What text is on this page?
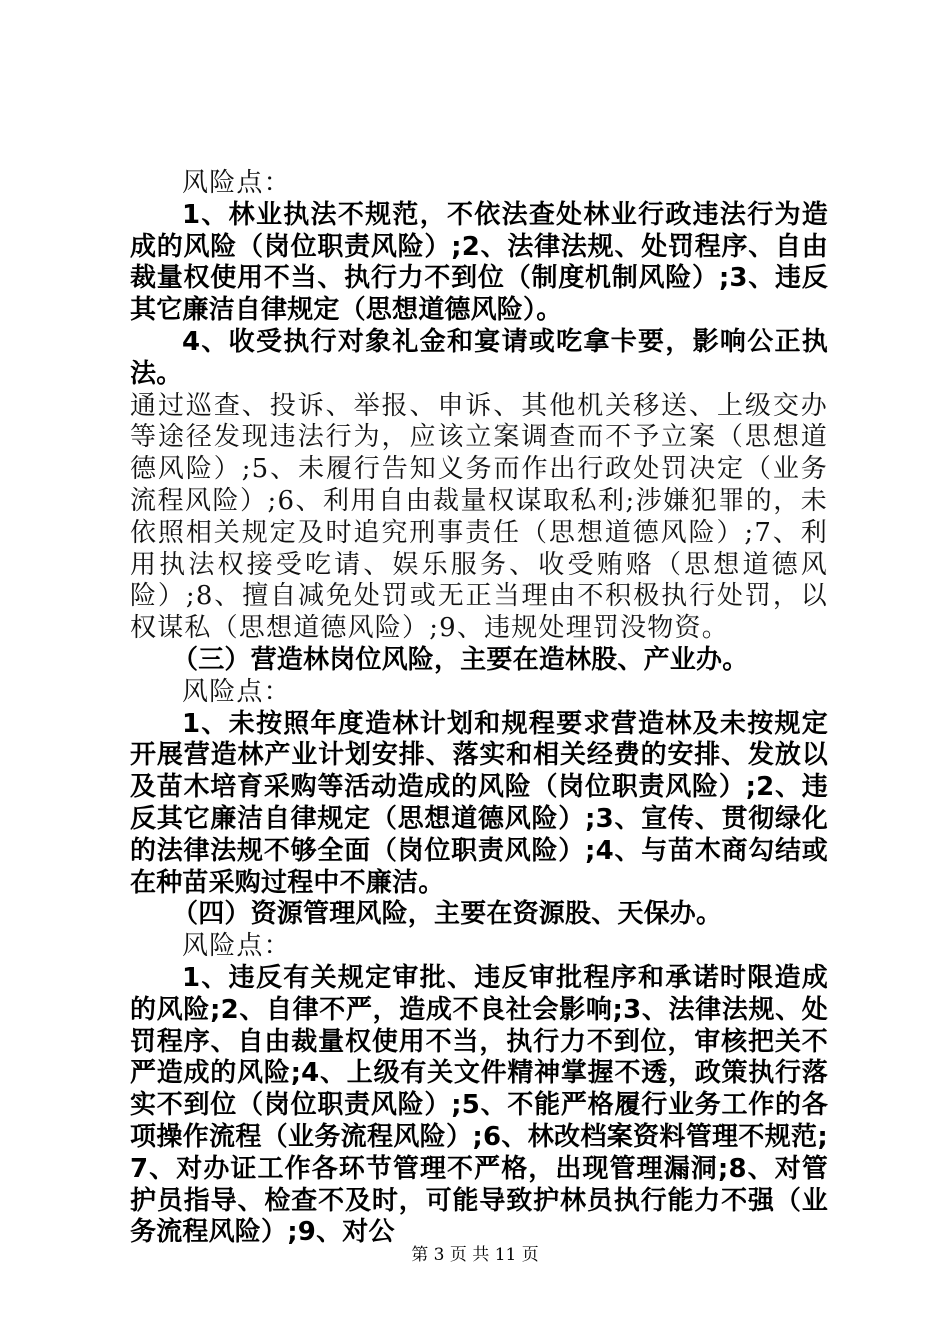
风险点：

1、林业执法不规范，不依法查处林业行政违法行为造成的风险（岗位职责风险）;2、法律法规、处罚程序、自由裁量权使用不当、执行力不到位（制度机制风险）;3、违反其它廉洁自律规定（思想道德风险）。

4、收受执行对象礼金和宴请或吃拿卡要，影响公正执法。

通过巡查、投诉、举报、申诉、其他机关移送、上级交办等途径发现违法行为，应该立案调查而不予立案（思想道德风险）;5、未履行告知义务而作出行政处罚决定（业务流程风险）;6、利用自由裁量权谋取私利;涉嫌犯罪的，未依照相关规定及时追究刑事责任（思想道德风险）;7、利用执法权接受吃请、娱乐服务、收受贿赂（思想道德风险）;8、擅自减免处罚或无正当理由不积极执行处罚，以权谋私（思想道德风险）;9、违规处理罚没物资。

（三）营造林岗位风险，主要在造林股、产业办。

风险点：

1、未按照年度造林计划和规程要求营造林及未按规定开展营造林产业计划安排、落实和相关经费的安排、发放以及苗木培育采购等活动造成的风险（岗位职责风险）;2、违反其它廉洁自律规定（思想道德风险）;3、宣传、贯彻绿化的法律法规不够全面（岗位职责风险）;4、与苗木商勾结或在种苗采购过程中不廉洁。

（四）资源管理风险，主要在资源股、天保办。

风险点：

1、违反有关规定审批、违反审批程序和承诺时限造成的风险;2、自律不严，造成不良社会影响;3、法律法规、处罚程序、自由裁量权使用不当，执行力不到位，审核把关不严造成的风险;4、上级有关文件精神掌握不透，政策执行落实不到位（岗位职责风险）;5、不能严格履行业务工作的各项操作流程（业务流程风险）;6、林改档案资料管理不规范;7、对办证工作各环节管理不严格，出现管理漏洞;8、对管护员指导、检查不及时，可能导致护林员执行能力不强（业务流程风险）;9、对公

第 3 页 共 11 页
